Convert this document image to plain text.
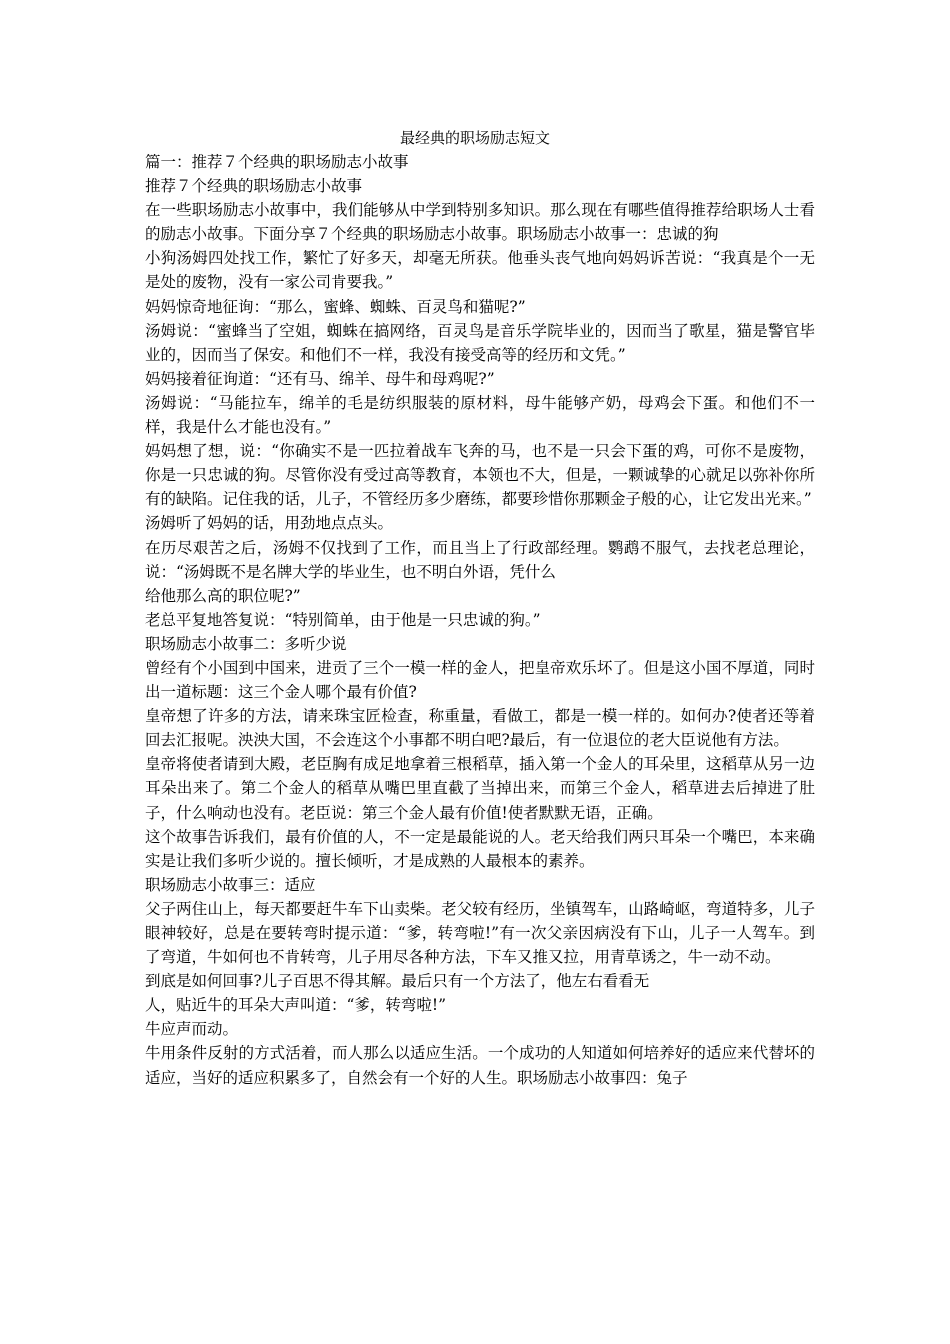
最经典的职场励志短文

篇一：推荐７个经典的职场励志小故事

推荐７个经典的职场励志小故事

在一些职场励志小故事中，我们能够从中学到特别多知识。那么现在有哪些值得推荐给职场人士看的励志小故事。下面分享７个经典的职场励志小故事。职场励志小故事一：忠诚的狗

小狗汤姆四处找工作，繁忙了好多天，却毫无所获。他垂头丧气地向妈妈诉苦说：“我真是个一无是处的废物，没有一家公司肯要我。”

妈妈惊奇地征询：“那么，蜜蜂、蜘蛛、百灵鸟和猫呢?”

汤姆说：“蜜蜂当了空姐，蜘蛛在搞网络，百灵鸟是音乐学院毕业的，因而当了歌星，猫是警官毕业的，因而当了保安。和他们不一样，我没有接受高等的经历和文凭。”

妈妈接着征询道：“还有马、绵羊、母牛和母鸡呢?”

汤姆说：“马能拉车，绵羊的毛是纺织服装的原材料，母牛能够产奶，母鸡会下蛋。和他们不一样，我是什么才能也没有。”

妈妈想了想，说：“你确实不是一匹拉着战车飞奔的马，也不是一只会下蛋的鸡，可你不是废物，你是一只忠诚的狗。尽管你没有受过高等教育，本领也不大，但是，一颗诚挚的心就足以弥补你所有的缺陷。记住我的话，儿子，不管经历多少磨练，都要珍惜你那颗金子般的心，让它发出光来。”

汤姆听了妈妈的话，用劲地点点头。

在历尽艰苦之后，汤姆不仅找到了工作，而且当上了行政部经理。鹦鹉不服气，去找老总理论，说：“汤姆既不是名牌大学的毕业生，也不明白外语，凭什么

给他那么高的职位呢?”

老总平复地答复说：“特别简单，由于他是一只忠诚的狗。”

职场励志小故事二：多听少说

曾经有个小国到中国来，进贡了三个一模一样的金人，把皇帝欢乐坏了。但是这小国不厚道，同时出一道标题：这三个金人哪个最有价值?

皇帝想了许多的方法，请来珠宝匠检查，称重量，看做工，都是一模一样的。如何办?使者还等着回去汇报呢。泱泱大国，不会连这个小事都不明白吧?最后，有一位退位的老大臣说他有方法。

皇帝将使者请到大殿，老臣胸有成足地拿着三根稻草，插入第一个金人的耳朵里，这稻草从另一边耳朵出来了。第二个金人的稻草从嘴巴里直截了当掉出来，而第三个金人，稻草进去后掉进了肚子，什么响动也没有。老臣说：第三个金人最有价值!使者默默无语，正确。

这个故事告诉我们，最有价值的人，不一定是最能说的人。老天给我们两只耳朵一个嘴巴，本来确实是让我们多听少说的。擅长倾听，才是成熟的人最根本的素养。

职场励志小故事三：适应

父子两住山上，每天都要赶牛车下山卖柴。老父较有经历，坐镇驾车，山路崎岖，弯道特多，儿子眼神较好，总是在要转弯时提示道：“爹，转弯啦!”有一次父亲因病没有下山，儿子一人驾车。到了弯道，牛如何也不肯转弯，儿子用尽各种方法，下车又推又拉，用青草诱之，牛一动不动。

到底是如何回事?儿子百思不得其解。最后只有一个方法了，他左右看看无

人，贴近牛的耳朵大声叫道：“爹，转弯啦!”

牛应声而动。

牛用条件反射的方式活着，而人那么以适应生活。一个成功的人知道如何培养好的适应来代替坏的适应，当好的适应积累多了，自然会有一个好的人生。职场励志小故事四：兔子
